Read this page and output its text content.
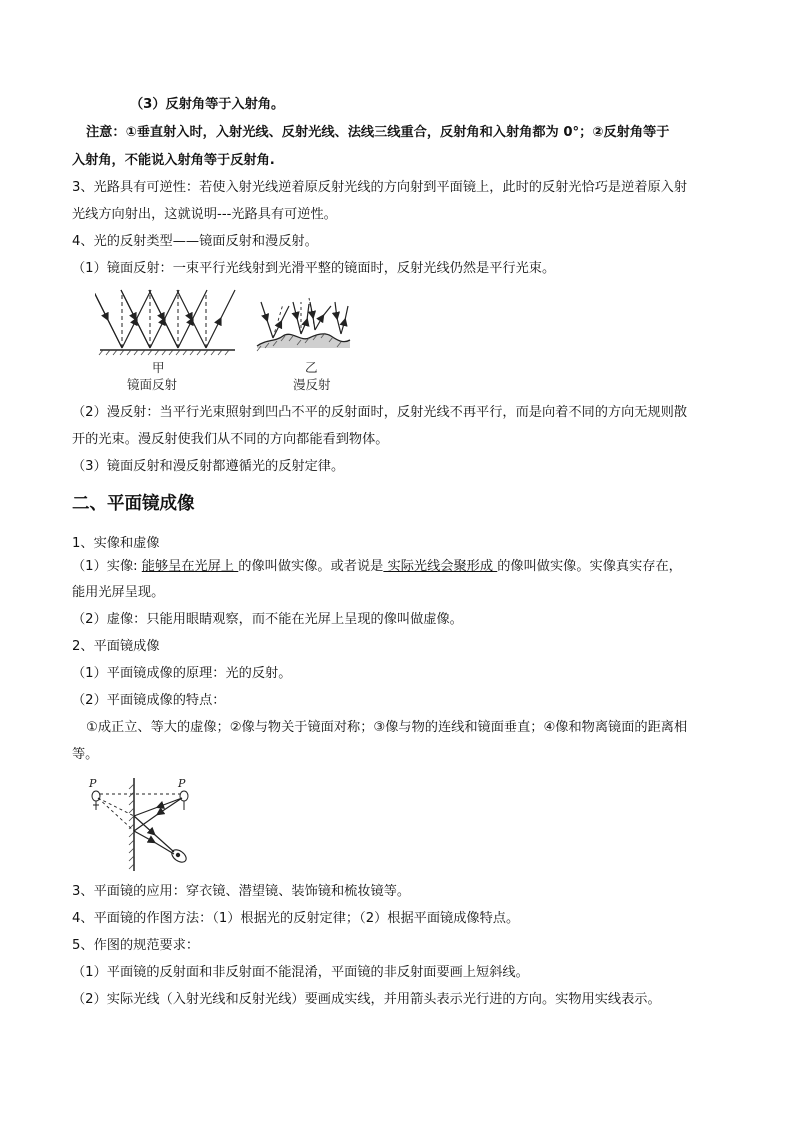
（3）反射角等于入射角。
注意：①垂直射入时，入射光线、反射光线、法线三线重合，反射角和入射角都为 0°；②反射角等于
入射角，不能说入射角等于反射角.
3、光路具有可逆性：若使入射光线逆着原反射光线的方向射到平面镜上，此时的反射光恰巧是逆着原入射
光线方向射出，这就说明---光路具有可逆性。
4、光的反射类型——镜面反射和漫反射。
（1）镜面反射：一束平行光线射到光滑平整的镜面时，反射光线仍然是平行光束。
甲
镜面反射
乙
漫反射
（2）漫反射：当平行光束照射到凹凸不平的反射面时，反射光线不再平行，而是向着不同的方向无规则散
开的光束。漫反射使我们从不同的方向都能看到物体。
（3）镜面反射和漫反射都遵循光的反射定律。
二、平面镜成像
1、实像和虚像
（1）实像: 能够呈在光屏上 的像叫做实像。或者说是 实际光线会聚形成 的像叫做实像。实像真实存在，
能用光屏呈现。
（2）虚像：只能用眼睛观察，而不能在光屏上呈现的像叫做虚像。
2、平面镜成像
（1）平面镜成像的原理：光的反射。
（2）平面镜成像的特点：
①成正立、等大的虚像；②像与物关于镜面对称；③像与物的连线和镜面垂直；④像和物离镜面的距离相
等。
P	P
3、平面镜的应用：穿衣镜、潜望镜、装饰镜和梳妆镜等。
4、平面镜的作图方法：（1）根据光的反射定律；（2）根据平面镜成像特点。
5、作图的规范要求：
（1）平面镜的反射面和非反射面不能混淆，平面镜的非反射面要画上短斜线。
（2）实际光线（入射光线和反射光线）要画成实线，并用箭头表示光行进的方向。实物用实线表示。
